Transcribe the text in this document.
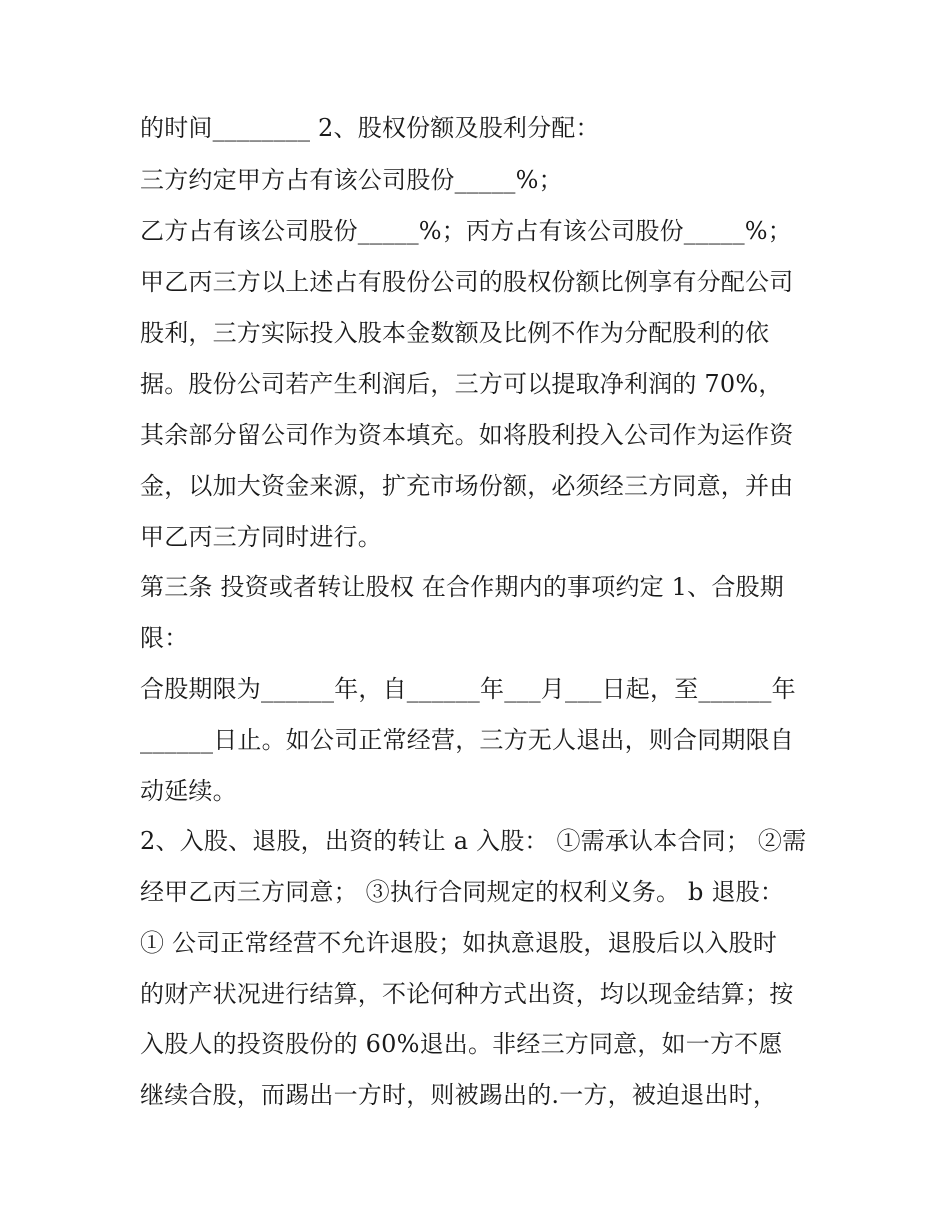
的时间________ 2、股权份额及股利分配：
三方约定甲方占有该公司股份_____%；
乙方占有该公司股份_____%；丙方占有该公司股份_____%；
甲乙丙三方以上述占有股份公司的股权份额比例享有分配公司
股利，三方实际投入股本金数额及比例不作为分配股利的依
据。股份公司若产生利润后，三方可以提取净利润的 70%，
其余部分留公司作为资本填充。如将股利投入公司作为运作资
金，以加大资金来源，扩充市场份额，必须经三方同意，并由
甲乙丙三方同时进行。
第三条 投资或者转让股权 在合作期内的事项约定 1、合股期
限：
合股期限为______年，自______年___月___日起，至______年
______日止。如公司正常经营，三方无人退出，则合同期限自
动延续。
2、入股、退股，出资的转让 a 入股： ①需承认本合同； ②需
经甲乙丙三方同意； ③执行合同规定的权利义务。 b 退股：
① 公司正常经营不允许退股；如执意退股，退股后以入股时
的财产状况进行结算，不论何种方式出资，均以现金结算；按
入股人的投资股份的 60%退出。非经三方同意，如一方不愿
继续合股，而踢出一方时，则被踢出的.一方，被迫退出时，
